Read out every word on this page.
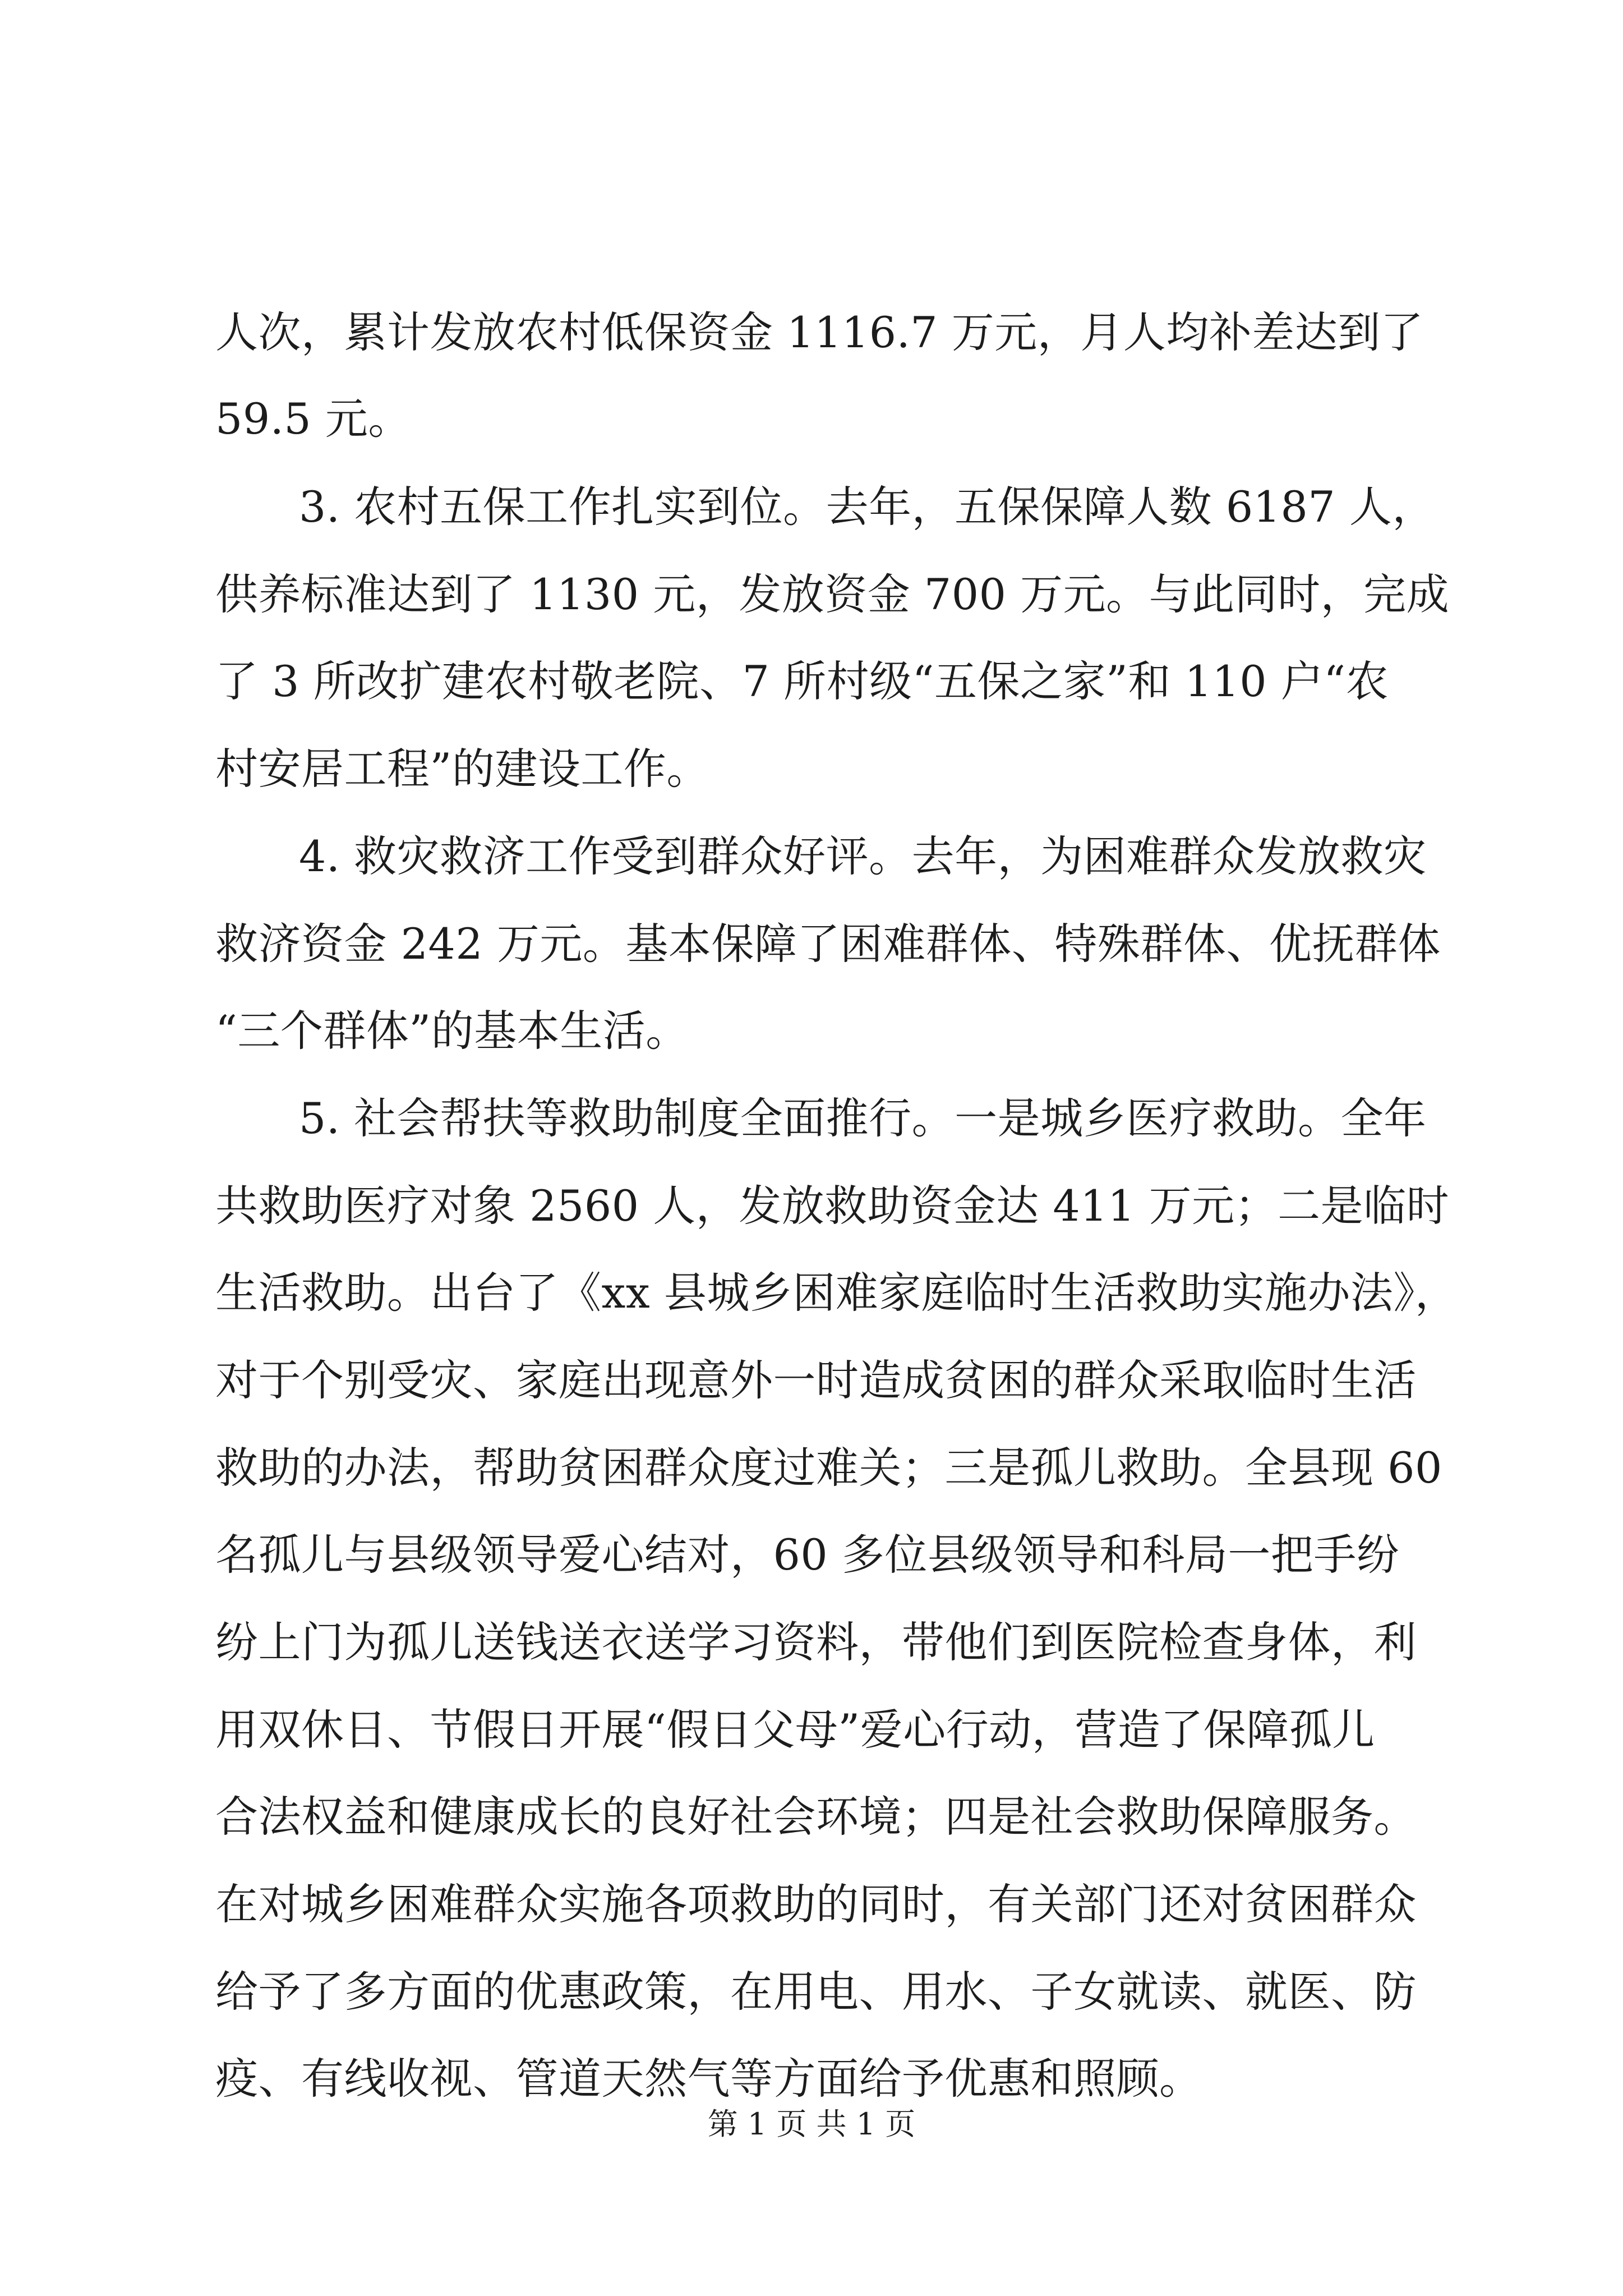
人次，累计发放农村低保资金 1116.7 万元，月人均补差达到了
59.5 元。
3. 农村五保工作扎实到位。去年，五保保障人数 6187 人，
供养标准达到了 1130 元，发放资金 700 万元。与此同时，完成
了 3 所改扩建农村敬老院、7 所村级“五保之家”和 110 户“农
村安居工程”的建设工作。
4. 救灾救济工作受到群众好评。去年，为困难群众发放救灾
救济资金 242 万元。基本保障了困难群体、特殊群体、优抚群体
“三个群体”的基本生活。
5. 社会帮扶等救助制度全面推行。一是城乡医疗救助。全年
共救助医疗对象 2560 人，发放救助资金达 411 万元；二是临时
生活救助。出台了《xx 县城乡困难家庭临时生活救助实施办法》，
对于个别受灾、家庭出现意外一时造成贫困的群众采取临时生活
救助的办法，帮助贫困群众度过难关；三是孤儿救助。全县现 60
名孤儿与县级领导爱心结对，60 多位县级领导和科局一把手纷
纷上门为孤儿送钱送衣送学习资料，带他们到医院检查身体，利
用双休日、节假日开展“假日父母”爱心行动，营造了保障孤儿
合法权益和健康成长的良好社会环境；四是社会救助保障服务。
在对城乡困难群众实施各项救助的同时，有关部门还对贫困群众
给予了多方面的优惠政策，在用电、用水、子女就读、就医、防
疫、有线收视、管道天然气等方面给予优惠和照顾。
第 1 页 共 1 页
